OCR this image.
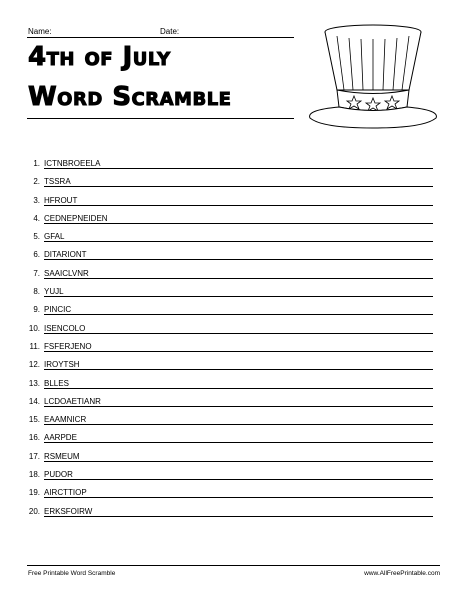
Name:	Date:
4th of July
Word Scramble
1. ICTNBROEELA
2. TSSRA
3. HFROUT
4. CEDNEPNEIDEN
5. GFAL
6. DITARIONT
7. SAAICLVNR
8. YUJL
9. PINCIC
10. ISENCOLO
11. FSFERJENO
12. IROYTSH
13. BLLES
14. LCDOAETIANR
15. EAAMNICR
16. AARPDE
17. RSMEUM
18. PUDOR
19. AIRCTTIOP
20. ERKSFOIRW
Free Printable Word Scramble	www.AllFreePrintable.com
